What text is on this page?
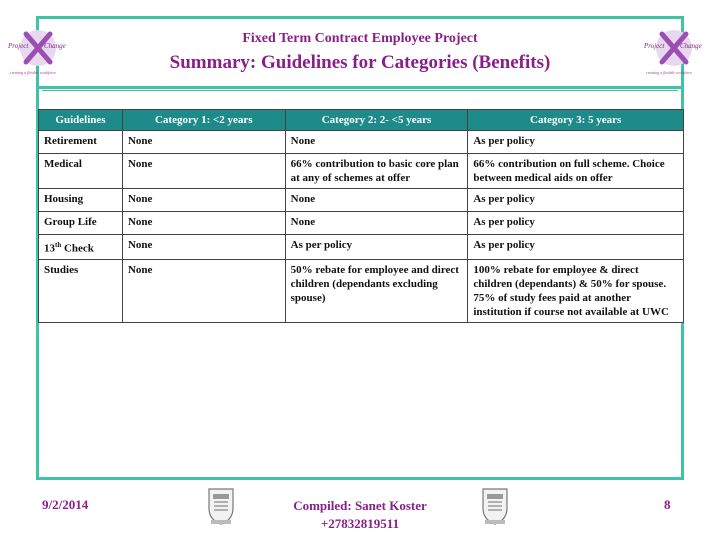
Project Change
creating a flexible workforce
Project Change
creating a flexible workforce
Fixed Term Contract Employee Project
Summary: Guidelines for Categories (Benefits)
Guidelines	Category 1: <2 years	Category 2: 2- <5 years	Category 3: 5 years
Retirement	None	None	As per policy
Medical	None	66% contribution to basic core plan at any of schemes at offer	66% contribution on full scheme. Choice between medical aids on offer
Housing	None	None	As per policy
Group Life	None	None	As per policy
13th Check	None	As per policy	As per policy
Studies	None	50% rebate for employee and direct children (dependants excluding spouse)	100% rebate for employee & direct children (dependants) & 50% for spouse. 75% of study fees paid at another institution if course not available at UWC
9/2/2014	Compiled: Sanet Koster
+27832819511
8
